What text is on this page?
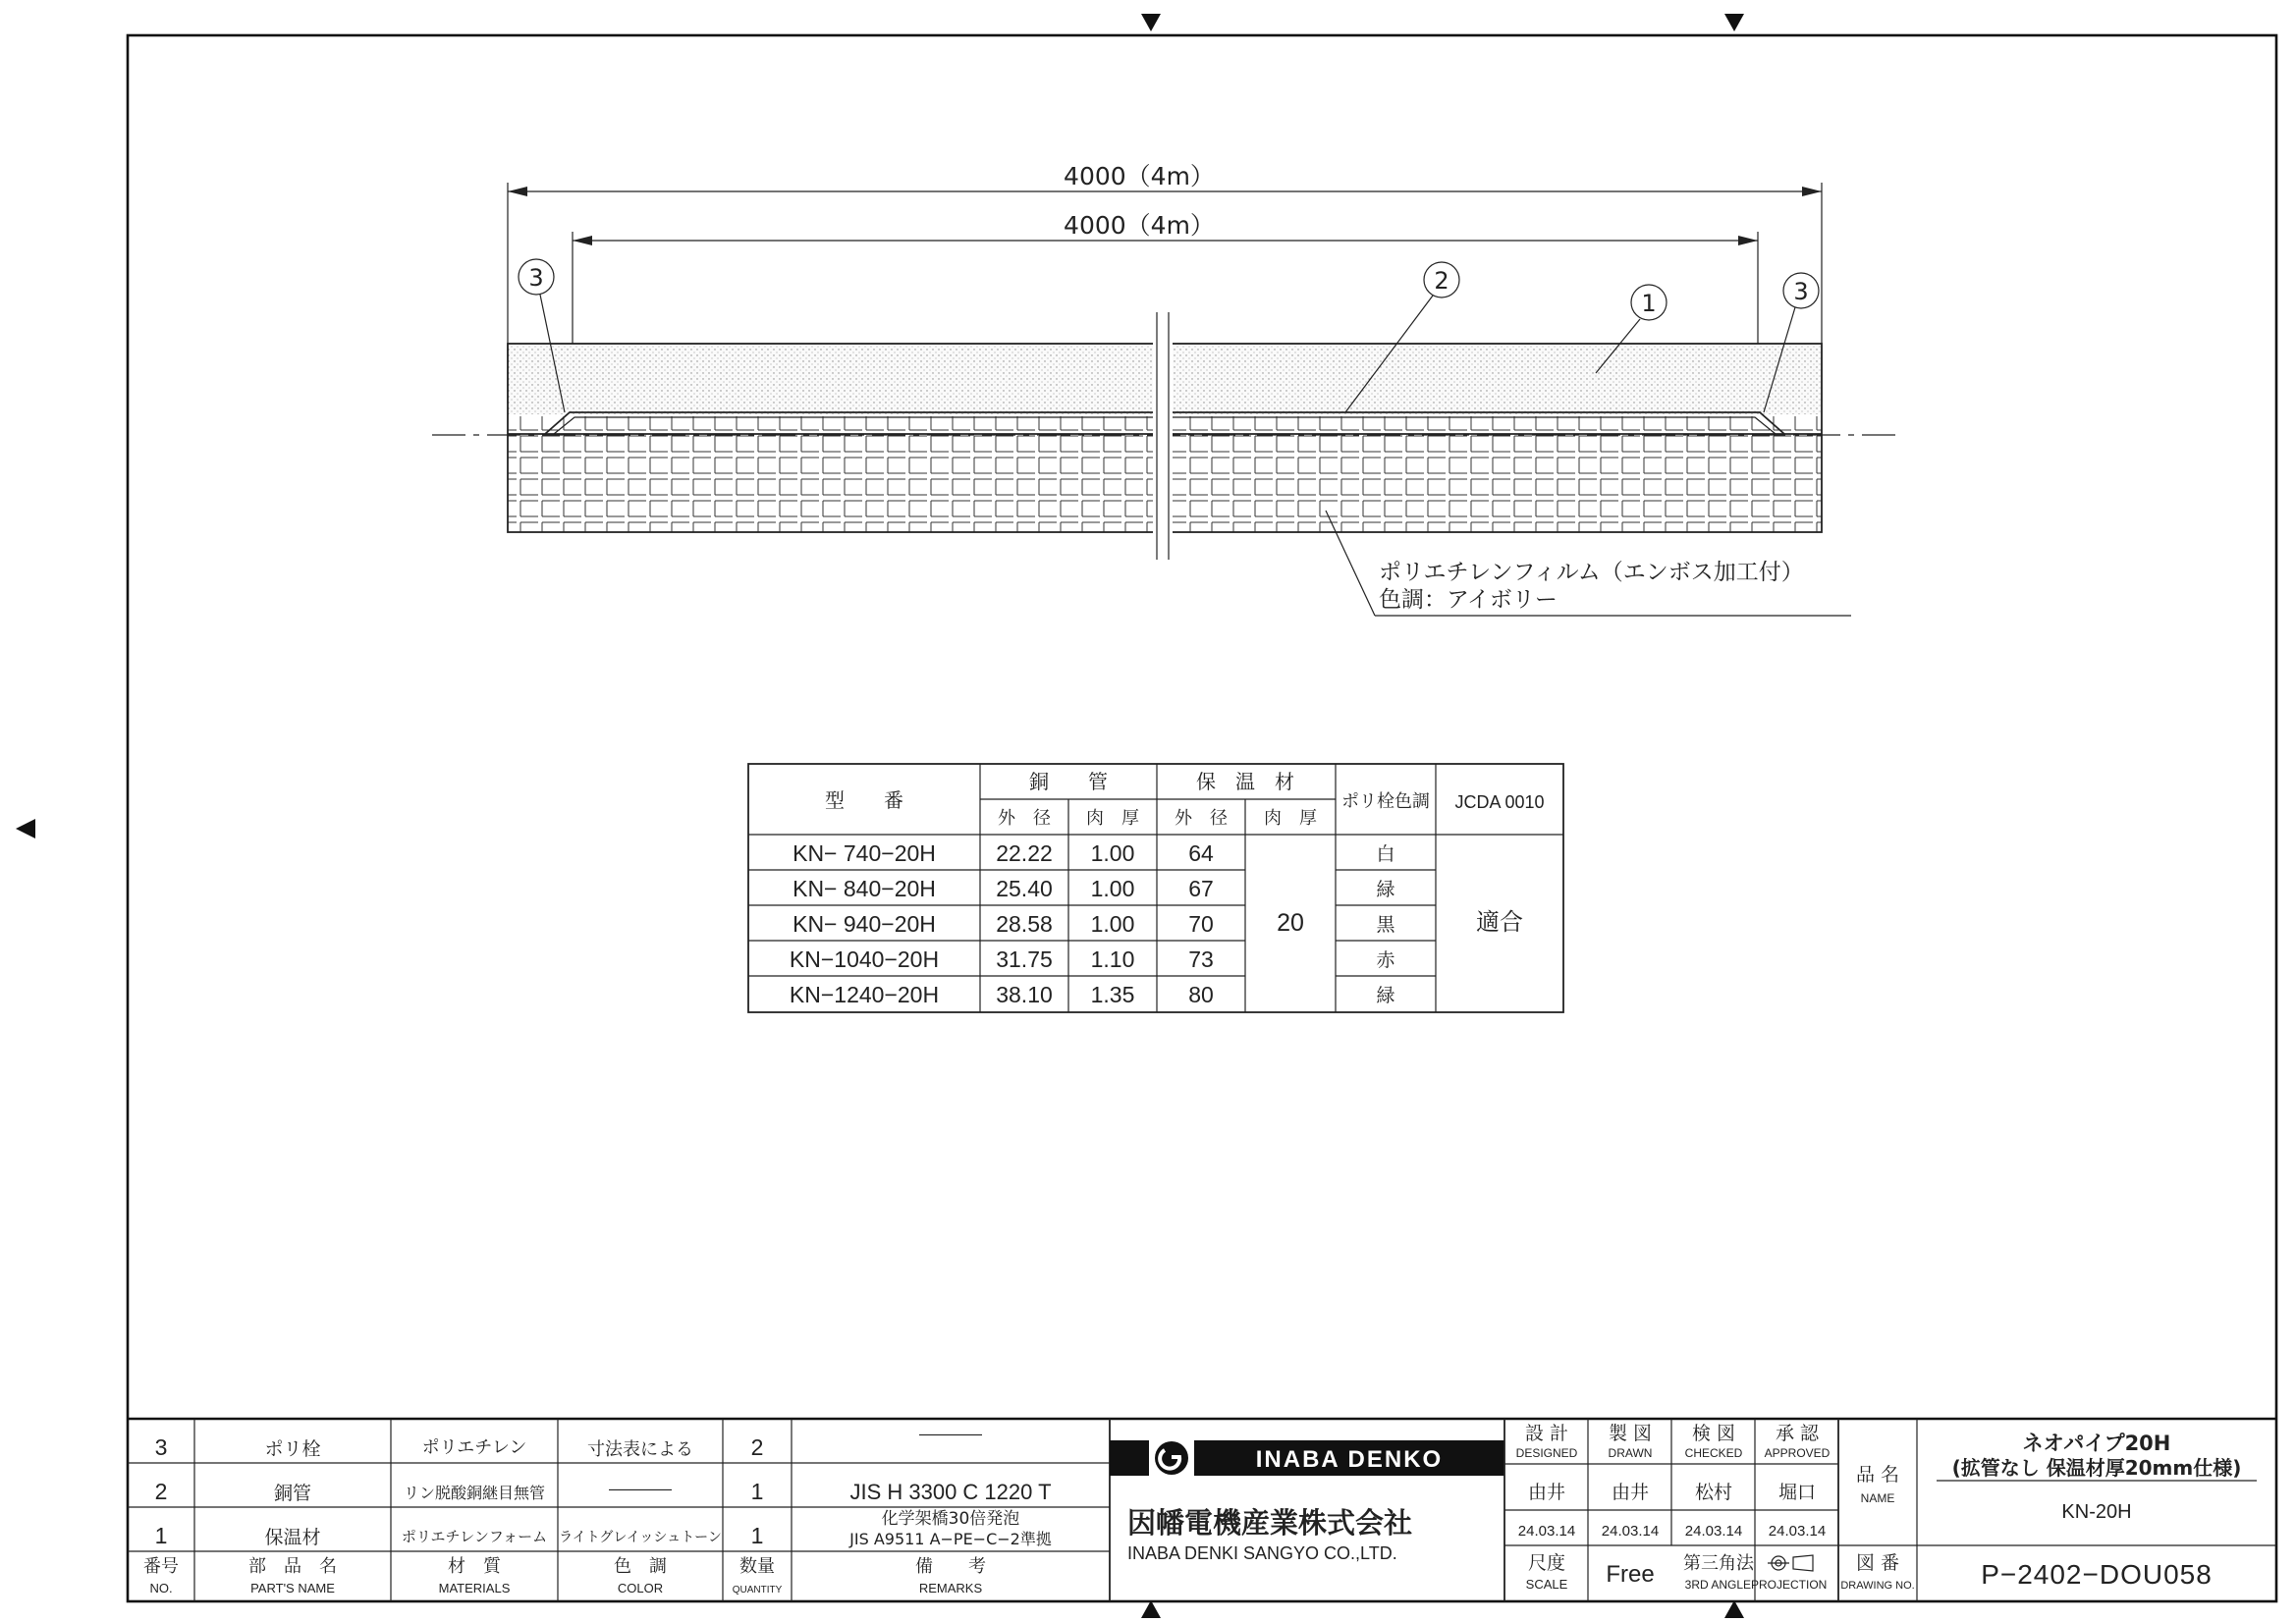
4000（4m）
4000（4m）
3	2
1	3
ポリエチレンフィルム（エンボス加工付）
色調：アイボリー
型　　番
銅　　管	保　温　材
ポリ栓色調 JCDA 0010
外　径 肉　厚 外　径 肉　厚
KN− 740−20H	22.22 1.00 64	白
KN− 840−20H	25.40 1.00 67	緑
KN− 940−20H	28.58 1.00 70	黒
KN−1040−20H	31.75 1.10 73	赤
KN−1240−20H	38.10 1.35 80	緑
20	適合
3	ポリ栓	ポリエチレン	寸法表による	2
――――
2	銅管	リン脱酸銅継目無管	――――	1	JIS H 3300 C 1220 T
1	保温材	ポリエチレンフォーム ライトグレイッシュトーン 1
化学架橋30倍発泡
JIS A9511 A−PE−C−2準拠
番号
NO.
部　品　名
PART'S NAME
材　質
MATERIALS
色　調
COLOR
数量
QUANTITY
備　　考
REMARKS
INABA DENKO
因幡電機産業株式会社
INABA DENKI SANGYO CO.,LTD.
設 計
DESIGNED
製 図
DRAWN
検 図
CHECKED
承 認
APPROVED
由井 由井 松村 堀口
24.03.14 24.03.14 24.03.14 24.03.14
尺度
SCALE Free 第三角法
3RD ANGLEPROJECTION
品 名
NAME
ネオパイプ20H
(拡管なし 保温材厚20mm仕様)
KN-20H
図 番
DRAWING NO. P−2402−DOU058
